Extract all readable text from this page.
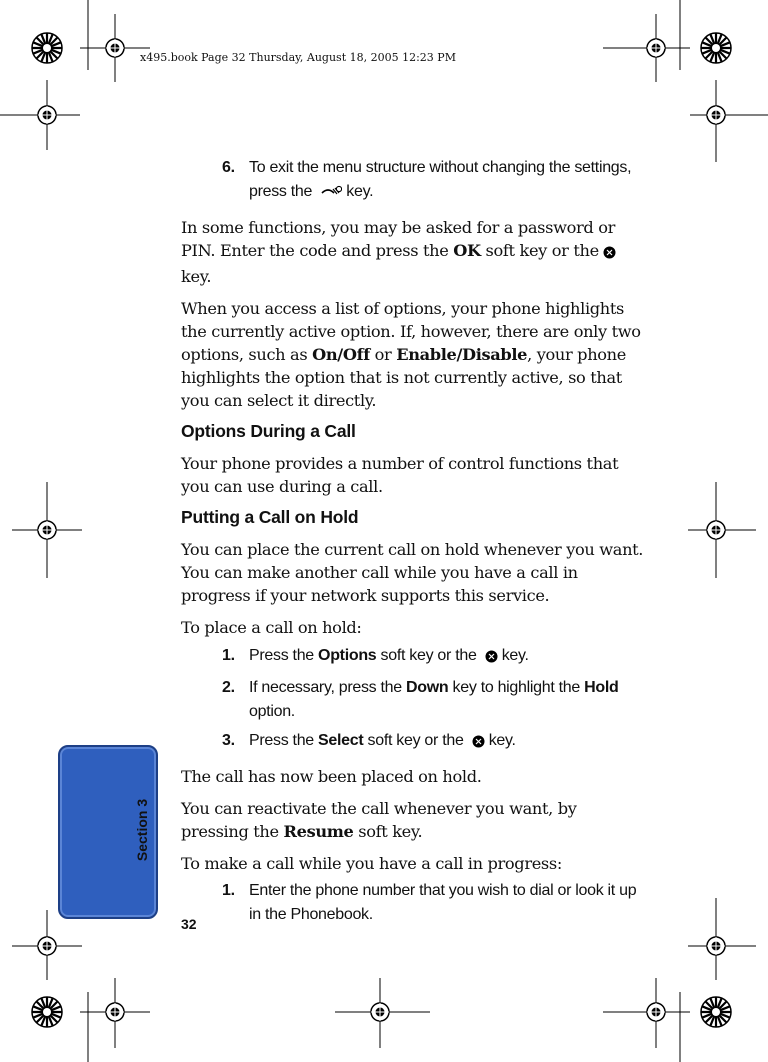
x495.book Page 32 Thursday, August 18, 2005 12:23 PM
6. To exit the menu structure without changing the settings, press the key.

In some functions, you may be asked for a password or PIN. Enter the code and press the OK soft key or thekey.

When you access a list of options, your phone highlights the currently active option. If, however, there are only two options, such as On/Off or Enable/Disable, your phone highlights the option that is not currently active, so that you can select it directly.

Options During a Call

Your phone provides a number of control functions that you can use during a call.

Putting a Call on Hold

You can place the current call on hold whenever you want. You can make another call while you have a call in progress if your network supports this service.

To place a call on hold:

1. Press the Options soft key or the key.
2. If necessary, press the Down key to highlight the Hold option.
3. Press the Select soft key or the key.

The call has now been placed on hold.

You can reactivate the call whenever you want, by pressing the Resume soft key.

To make a call while you have a call in progress:

1. Enter the phone number that you wish to dial or look it up in the Phonebook.
Section 3
32
